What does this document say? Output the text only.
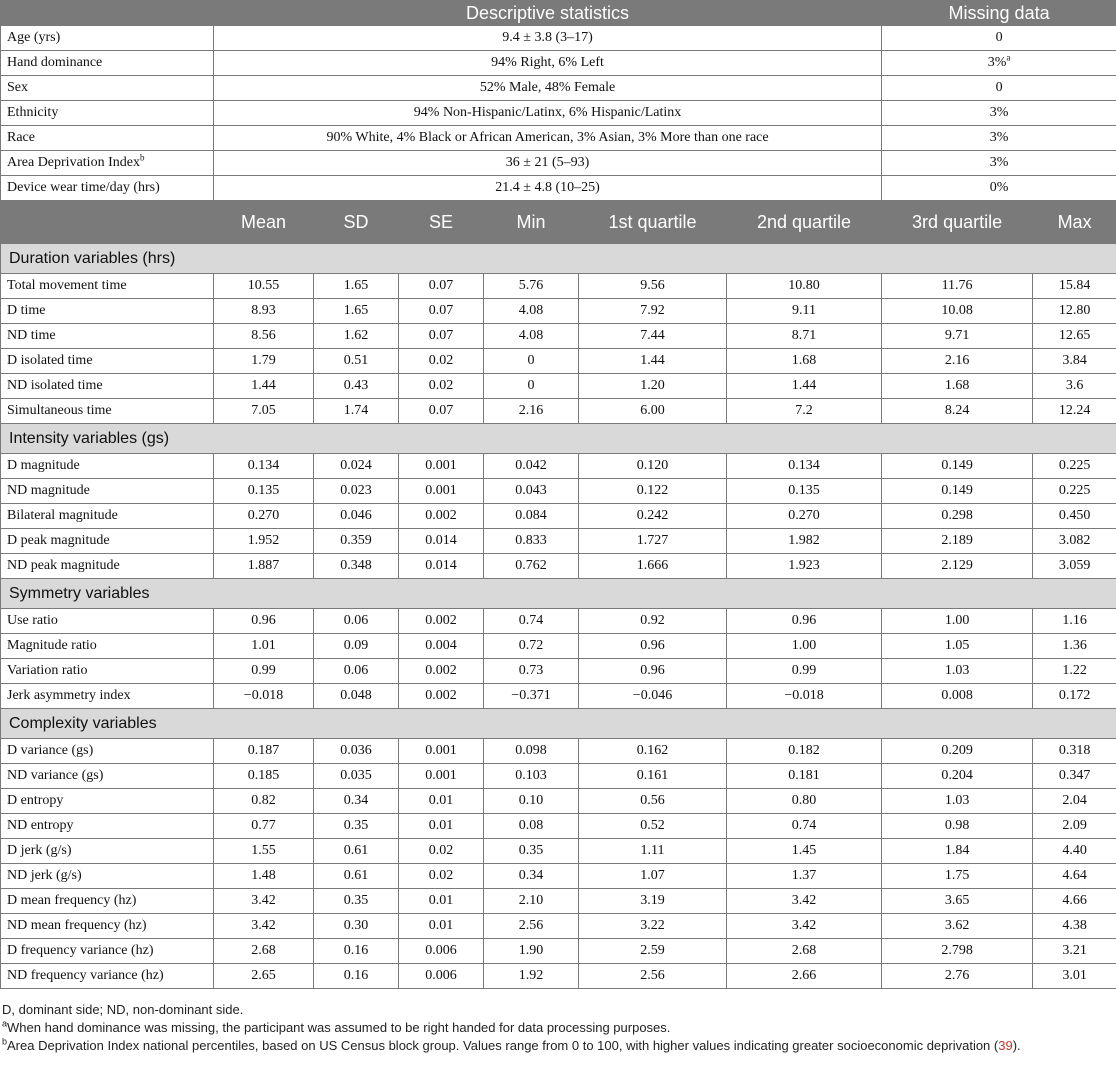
	Descriptive statistics						Missing data	
Age (yrs)	9.4 ± 3.8 (3–17)						0	
Hand dominance	94% Right, 6% Left						3%$^a$
Sex	52% Male, 48% Female						0	
Ethnicity	94% Non-Hispanic/Latinx, 6% Hispanic/Latinx						3%	
Race	90% White, 4% Black or African American, 3% Asian, 3% More than one race						3%	
Area Deprivation Index$^b$	36 ± 21 (5–93)						3%	
Device wear time/day (hrs)	21.4 ± 4.8 (10–25)						0%	
	Mean	SD	SE	Min	1st quartile	2nd quartile	3rd quartile	Max
Duration variables (hrs)								
Total movement time	10.55	1.65	0.07	5.76	9.56	10.80	11.76	15.84
D time	8.93	1.65	0.07	4.08	7.92	9.11	10.08	12.80
ND time	8.56	1.62	0.07	4.08	7.44	8.71	9.71	12.65
D isolated time	1.79	0.51	0.02	0	1.44	1.68	2.16	3.84
ND isolated time	1.44	0.43	0.02	0	1.20	1.44	1.68	3.6
Simultaneous time	7.05	1.74	0.07	2.16	6.00	7.2	8.24	12.24
Intensity variables (gs)								
D magnitude	0.134	0.024	0.001	0.042	0.120	0.134	0.149	0.225
ND magnitude	0.135	0.023	0.001	0.043	0.122	0.135	0.149	0.225
Bilateral magnitude	0.270	0.046	0.002	0.084	0.242	0.270	0.298	0.450
D peak magnitude	1.952	0.359	0.014	0.833	1.727	1.982	2.189	3.082
ND peak magnitude	1.887	0.348	0.014	0.762	1.666	1.923	2.129	3.059
Symmetry variables								
Use ratio	0.96	0.06	0.002	0.74	0.92	0.96	1.00	1.16
Magnitude ratio	1.01	0.09	0.004	0.72	0.96	1.00	1.05	1.36
Variation ratio	0.99	0.06	0.002	0.73	0.96	0.99	1.03	1.22
Jerk asymmetry index	−0.018	0.048	0.002	−0.371	−0.046	−0.018	0.008	0.172
Complexity variables								
D variance (gs)	0.187	0.036	0.001	0.098	0.162	0.182	0.209	0.318
ND variance (gs)	0.185	0.035	0.001	0.103	0.161	0.181	0.204	0.347
D entropy	0.82	0.34	0.01	0.10	0.56	0.80	1.03	2.04
ND entropy	0.77	0.35	0.01	0.08	0.52	0.74	0.98	2.09
D jerk (g/s)	1.55	0.61	0.02	0.35	1.11	1.45	1.84	4.40
ND jerk (g/s)	1.48	0.61	0.02	0.34	1.07	1.37	1.75	4.64
D mean frequency (hz)	3.42	0.35	0.01	2.10	3.19	3.42	3.65	4.66
ND mean frequency (hz)	3.42	0.30	0.01	2.56	3.22	3.42	3.62	4.38
D frequency variance (hz)	2.68	0.16	0.006	1.90	2.59	2.68	2.798	3.21
ND frequency variance (hz)	2.65	0.16	0.006	1.92	2.56	2.66	2.76	3.01

D, dominant side; ND, non-dominant side.

$^a$When hand dominance was missing, the participant was assumed to be right handed for data processing purposes.

$^b$Area Deprivation Index national percentiles, based on US Census block group. Values range from 0 to 100, with higher values indicating greater socioeconomic deprivation (39).
